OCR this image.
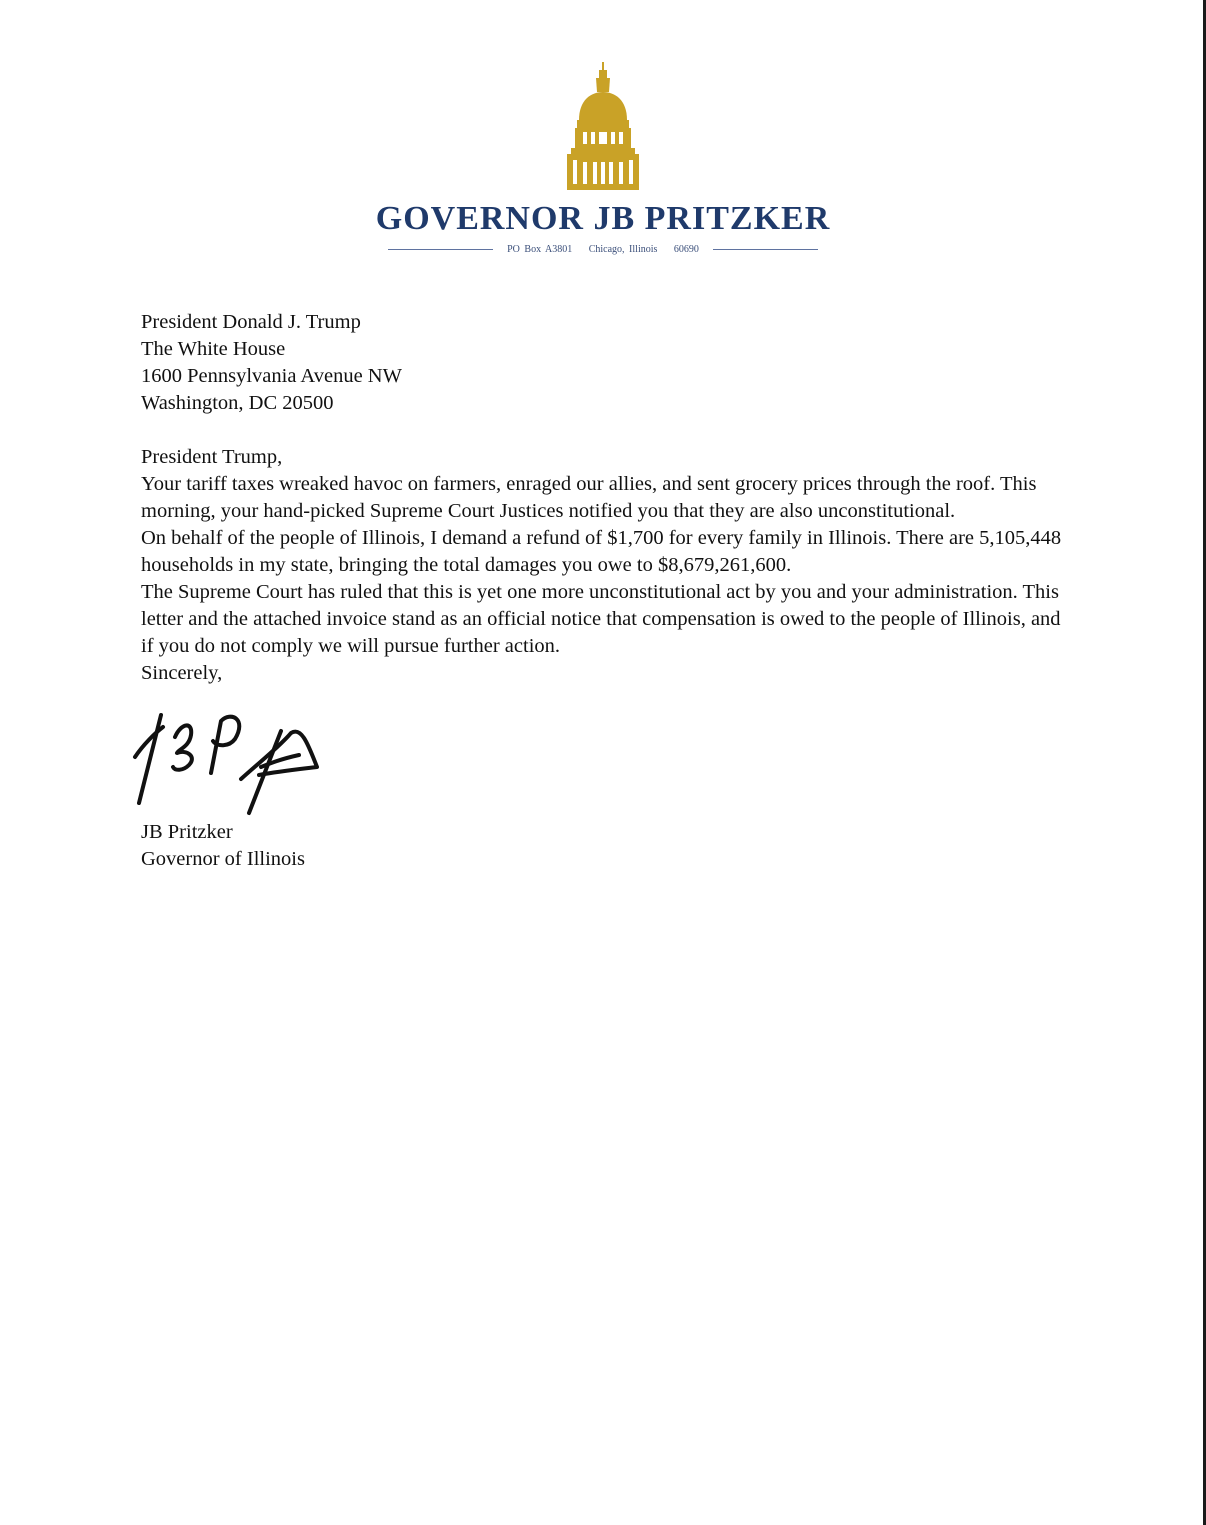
GOVERNOR JB PRITZKER
PO Box A3801 Chicago, Illinois 60690

President Donald J. Trump

The White House

1600 Pennsylvania Avenue NW

Washington, DC 20500

President Trump,

Your tariff taxes wreaked havoc on farmers, enraged our allies, and sent grocery prices through the roof. This morning, your hand-picked Supreme Court Justices notified you that they are also unconstitutional.

On behalf of the people of Illinois, I demand a refund of $1,700 for every family in Illinois. There are 5,105,448 households in my state, bringing the total damages you owe to $8,679,261,600.

The Supreme Court has ruled that this is yet one more unconstitutional act by you and your administration. This letter and the attached invoice stand as an official notice that compensation is owed to the people of Illinois, and if you do not comply we will pursue further action.

Sincerely,

JB Pritzker

Governor of Illinois
